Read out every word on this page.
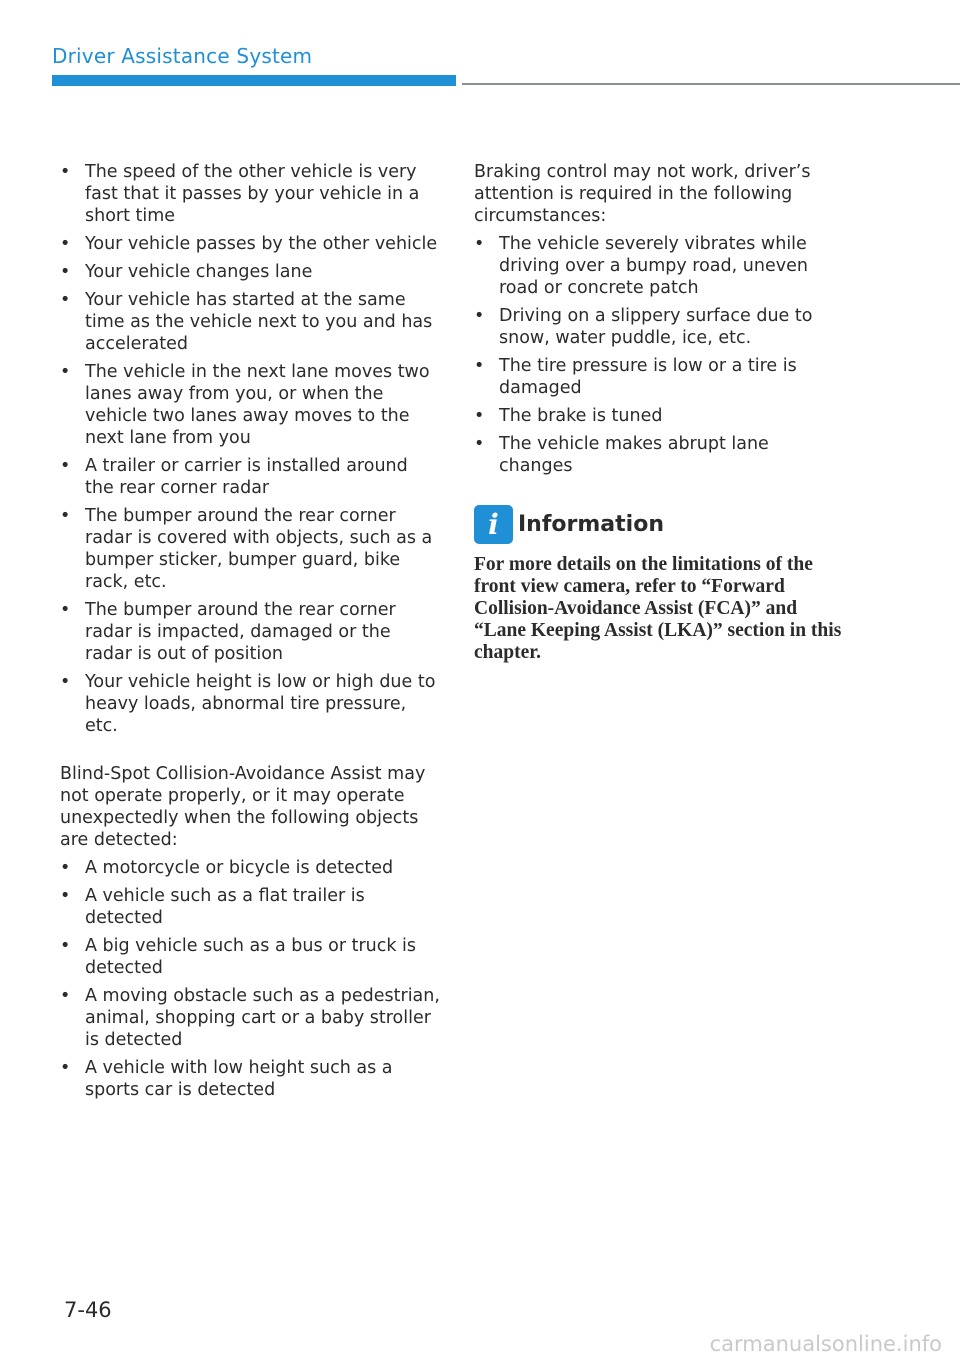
Driver Assistance System
• The speed of the other vehicle is very fast that it passes by your vehicle in a short time
• Your vehicle passes by the other vehicle
• Your vehicle changes lane
• Your vehicle has started at the same time as the vehicle next to you and has accelerated
• The vehicle in the next lane moves two lanes away from you, or when the vehicle two lanes away moves to the next lane from you
• A trailer or carrier is installed around the rear corner radar
• The bumper around the rear corner radar is covered with objects, such as a bumper sticker, bumper guard, bike rack, etc.
• The bumper around the rear corner radar is impacted, damaged or the radar is out of position
• Your vehicle height is low or high due to heavy loads, abnormal tire pressure, etc.

Blind-Spot Collision-Avoidance Assist may not operate properly, or it may operate unexpectedly when the following objects are detected:

• A motorcycle or bicycle is detected
• A vehicle such as a flat trailer is detected
• A big vehicle such as a bus or truck is detected
• A moving obstacle such as a pedestrian, animal, shopping cart or a baby stroller is detected
• A vehicle with low height such as a sports car is detected

Braking control may not work, driver’s attention is required in the following circumstances:

• The vehicle severely vibrates while driving over a bumpy road, uneven road or concrete patch
• Driving on a slippery surface due to snow, water puddle, ice, etc.
• The tire pressure is low or a tire is damaged
• The brake is tuned
• The vehicle makes abrupt lane changes
i Information
For more details on the limitations of the front view camera, refer to “Forward Collision-Avoidance Assist (FCA)” and “Lane Keeping Assist (LKA)” section in this chapter.
7-46
carmanualsonline.info
